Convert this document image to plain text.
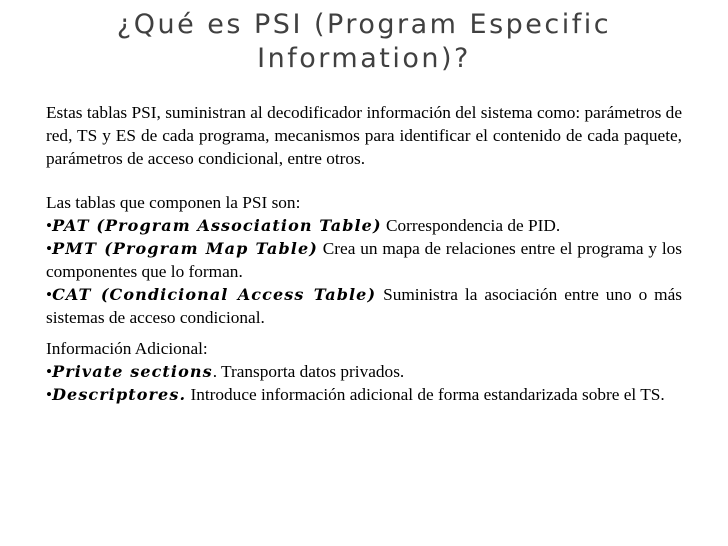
¿Qué es PSI (Program Especific
Information)?

Estas tablas PSI, suministran al decodificador información del sistema como: parámetros de red, TS y ES de cada programa, mecanismos para identificar el contenido de cada paquete, parámetros de acceso condicional, entre otros.

Las tablas que componen la PSI son:

•PAT (Program Association Table) Correspondencia de PID.

•PMT (Program Map Table) Crea un mapa de relaciones entre el programa y los componentes que lo forman.

•CAT (Condicional Access Table) Suministra la asociación entre uno o más sistemas de acceso condicional.

Información Adicional:

•Private sections. Transporta datos privados.

•Descriptores. Introduce información adicional de forma estandarizada sobre el TS.
